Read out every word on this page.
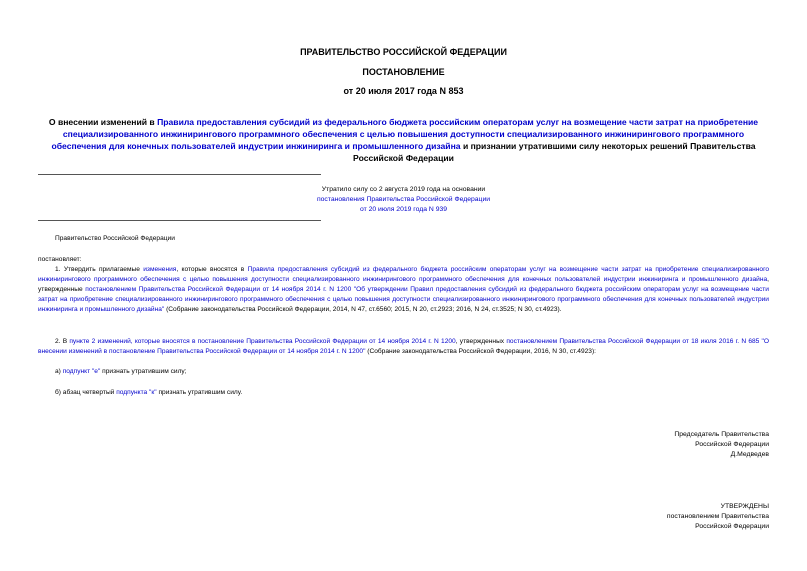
ПРАВИТЕЛЬСТВО РОССИЙСКОЙ ФЕДЕРАЦИИ
ПОСТАНОВЛЕНИЕ
от 20 июля 2017 года N 853
О внесении изменений в Правила предоставления субсидий из федерального бюджета российским операторам услуг на возмещение части затрат на приобретение специализированного инжинирингового программного обеспечения с целью повышения доступности специализированного инжинирингового программного обеспечения для конечных пользователей индустрии инжиниринга и промышленного дизайна и признании утратившими силу некоторых решений Правительства Российской Федерации
Утратило силу со 2 августа 2019 года на основании
постановления Правительства Российской Федерации
от 20 июля 2019 года N 939
Правительство Российской Федерации
постановляет:
1. Утвердить прилагаемые изменения, которые вносятся в Правила предоставления субсидий из федерального бюджета российским операторам услуг на возмещение части затрат на приобретение специализированного инжинирингового программного обеспечения с целью повышения доступности специализированного инжинирингового программного обеспечения для конечных пользователей индустрии инжиниринга и промышленного дизайна, утвержденные постановлением Правительства Российской Федерации от 14 ноября 2014 г. N 1200 "Об утверждении Правил предоставления субсидий из федерального бюджета российским операторам услуг на возмещение части затрат на приобретение специализированного инжинирингового программного обеспечения с целью повышения доступности специализированного инжинирингового программного обеспечения для конечных пользователей индустрии инжиниринга и промышленного дизайна" (Собрание законодательства Российской Федерации, 2014, N 47, ст.6560; 2015, N 20, ст.2923; 2016, N 24, ст.3525; N 30, ст.4923).
2. В пункте 2 изменений, которые вносятся в постановление Правительства Российской Федерации от 14 ноября 2014 г. N 1200, утвержденных постановлением Правительства Российской Федерации от 18 июля 2016 г. N 685 "О внесении изменений в постановление Правительства Российской Федерации от 14 ноября 2014 г. N 1200" (Собрание законодательства Российской Федерации, 2016, N 30, ст.4923):
а) подпункт "е" признать утратившим силу;
б) абзац четвертый подпункта "к" признать утратившим силу.
Председатель Правительства
Российской Федерации
Д.Медведев
УТВЕРЖДЕНЫ
постановлением Правительства
Российской Федерации
